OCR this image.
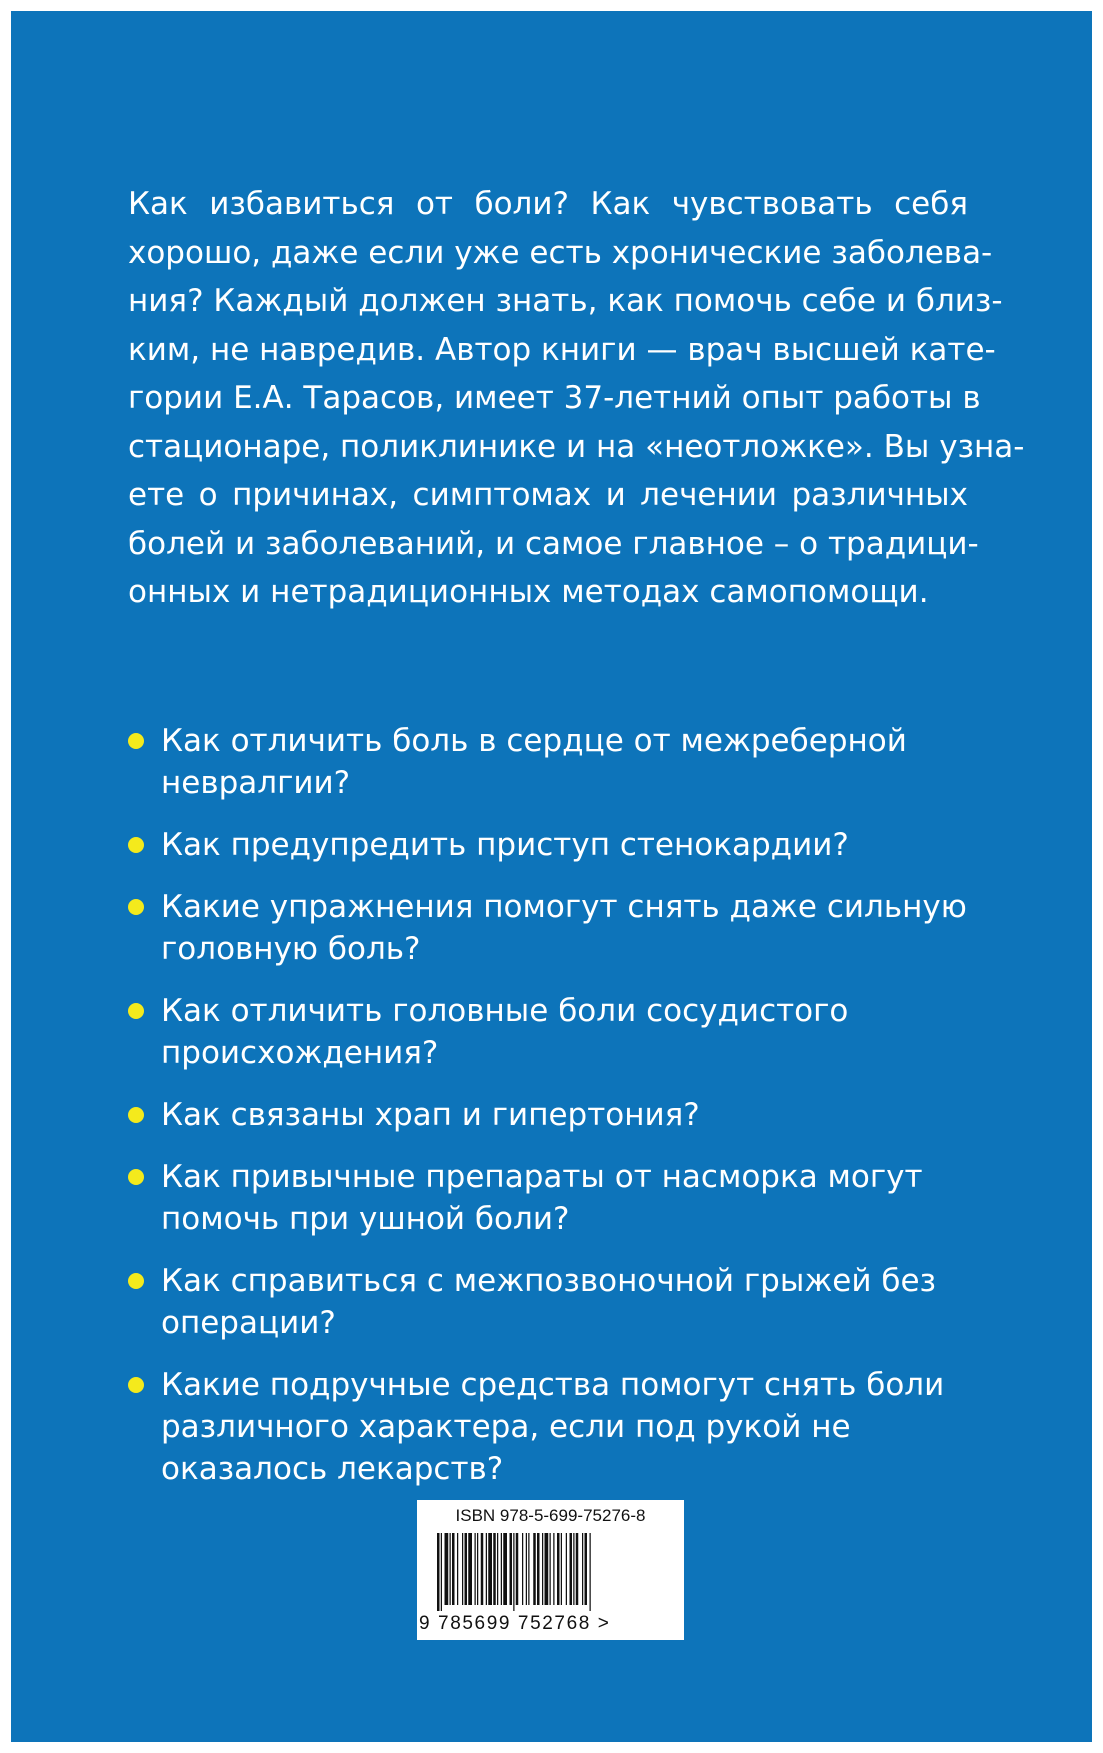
Как избавиться от боли? Как чувствовать себя
хорошо, даже если уже есть хронические заболева-
ния? Каждый должен знать, как помочь себе и близ-
ким, не навредив. Автор книги — врач высшей кате-
гории Е.А. Тарасов, имеет 37-летний опыт работы в
стационаре, поликлинике и на «неотложке». Вы узна-
ете о причинах, симптомах и лечении различных
болей и заболеваний, и самое главное – о традици-
онных и нетрадиционных методах самопомощи.
Как отличить боль в сердце от межреберной невралгии?
Как предупредить приступ стенокардии?
Какие упражнения помогут снять даже сильную головную боль?
Как отличить головные боли сосудистого происхождения?
Как связаны храп и гипертония?
Как привычные препараты от насморка могут помочь при ушной боли?
Как справиться с межпозвоночной грыжей без операции?
Какие подручные средства помогут снять боли различного характера, если под рукой не оказалось лекарств?
ISBN 978-5-699-75276-8
9 785699 752768 >
